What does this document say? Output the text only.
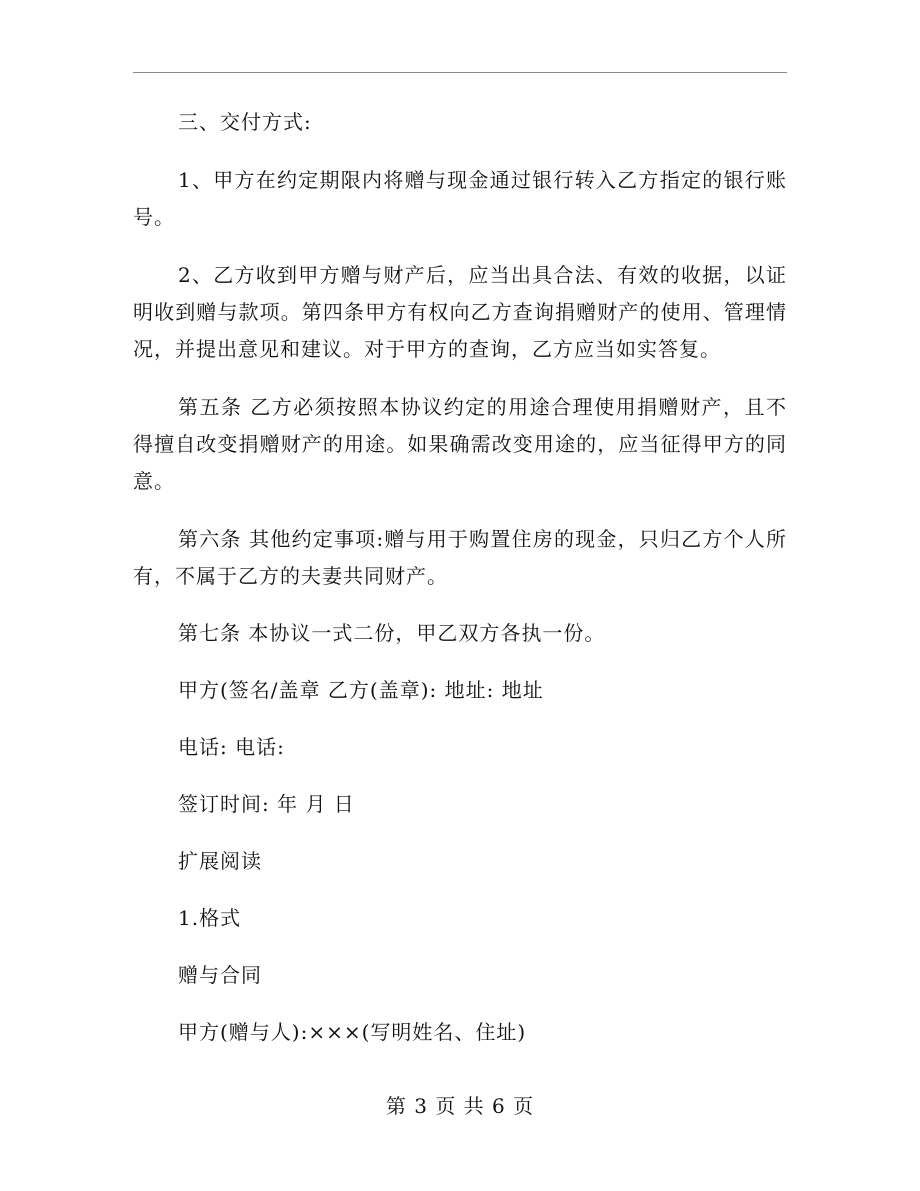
三、交付方式:

1、甲方在约定期限内将赠与现金通过银行转入乙方指定的银行账号。

2、乙方收到甲方赠与财产后，应当出具合法、有效的收据，以证明收到赠与款项。第四条甲方有权向乙方查询捐赠财产的使用、管理情况，并提出意见和建议。对于甲方的查询，乙方应当如实答复。

第五条 乙方必须按照本协议约定的用途合理使用捐赠财产，且不得擅自改变捐赠财产的用途。如果确需改变用途的，应当征得甲方的同意。

第六条 其他约定事项:赠与用于购置住房的现金，只归乙方个人所有，不属于乙方的夫妻共同财产。

第七条 本协议一式二份，甲乙双方各执一份。

甲方(签名/盖章 乙方(盖章): 地址: 地址

电话: 电话:

签订时间: 年 月 日

扩展阅读

1.格式

赠与合同

甲方(赠与人):×××(写明姓名、住址)

第 3 页 共 6 页
